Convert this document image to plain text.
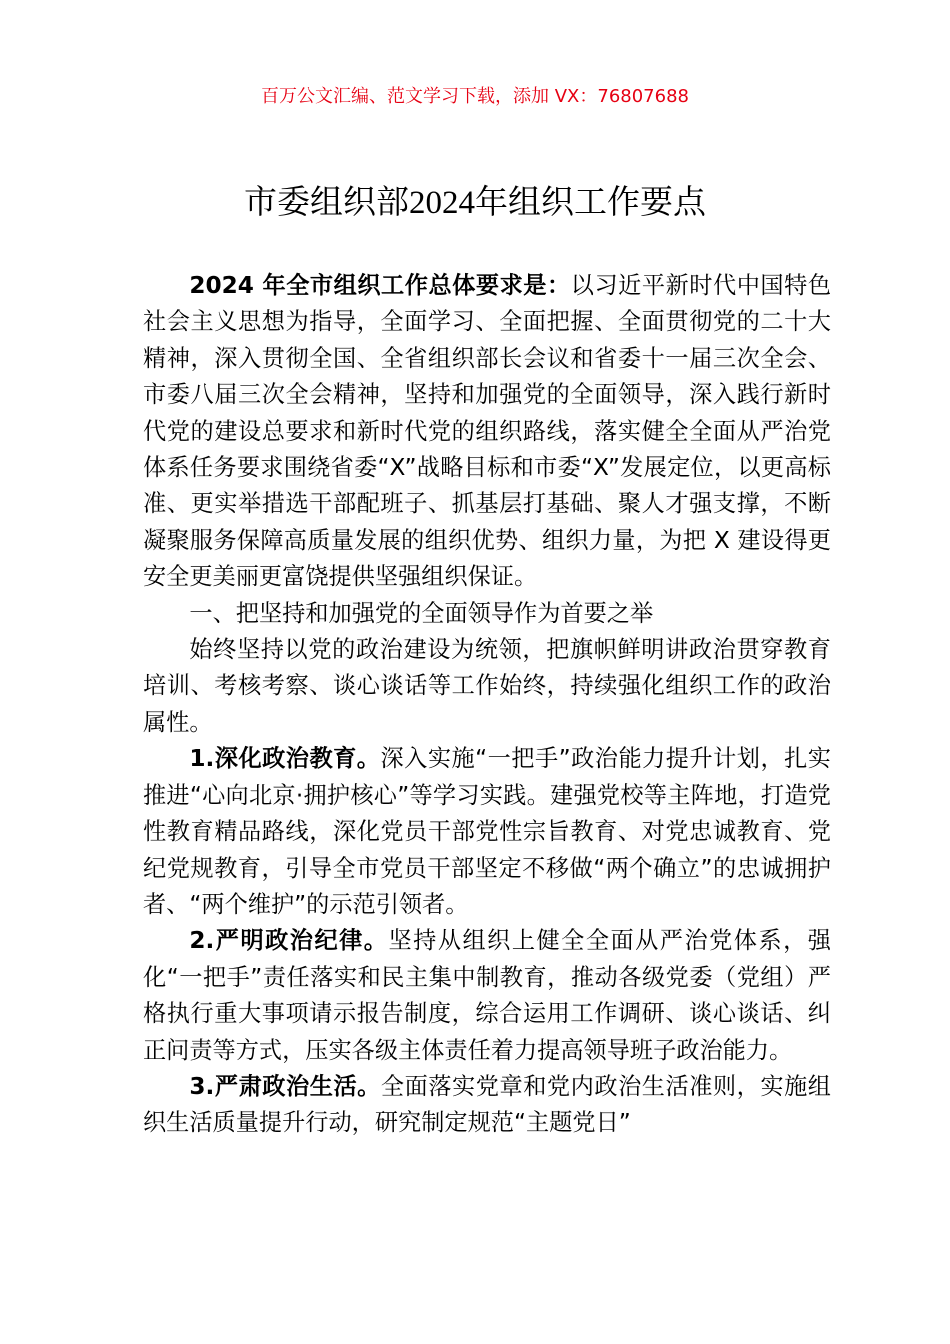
百万公文汇编、范文学习下载，添加 VX：76807688
市委组织部2024年组织工作要点

2024 年全市组织工作总体要求是：以习近平新时代中国特色社会主义思想为指导，全面学习、全面把握、全面贯彻党的二十大精神，深入贯彻全国、全省组织部长会议和省委十一届三次全会、市委八届三次全会精神，坚持和加强党的全面领导，深入践行新时代党的建设总要求和新时代党的组织路线，落实健全全面从严治党体系任务要求围绕省委“X”战略目标和市委“X”发展定位，以更高标准、更实举措选干部配班子、抓基层打基础、聚人才强支撑，不断凝聚服务保障高质量发展的组织优势、组织力量，为把 X 建设得更安全更美丽更富饶提供坚强组织保证。

一、把坚持和加强党的全面领导作为首要之举

始终坚持以党的政治建设为统领，把旗帜鲜明讲政治贯穿教育培训、考核考察、谈心谈话等工作始终，持续强化组织工作的政治属性。

1.深化政治教育。深入实施“一把手”政治能力提升计划，扎实推进“心向北京·拥护核心”等学习实践。建强党校等主阵地，打造党性教育精品路线，深化党员干部党性宗旨教育、对党忠诚教育、党纪党规教育，引导全市党员干部坚定不移做“两个确立”的忠诚拥护者、“两个维护”的示范引领者。

2.严明政治纪律。坚持从组织上健全全面从严治党体系，强化“一把手”责任落实和民主集中制教育，推动各级党委（党组）严格执行重大事项请示报告制度，综合运用工作调研、谈心谈话、纠正问责等方式，压实各级主体责任着力提高领导班子政治能力。

3.严肃政治生活。全面落实党章和党内政治生活准则，实施组织生活质量提升行动，研究制定规范“主题党日”
